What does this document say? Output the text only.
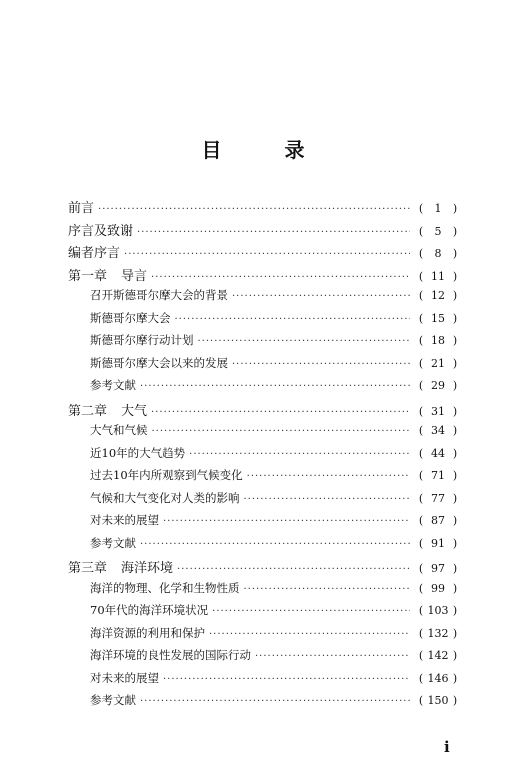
目 录
前言 ·····	( 1 )
序言及致谢 ·····	( 5 )
编者序言 ·····	( 8 )
第一章 导言 ·····	( 11 )
召开斯德哥尔摩大会的背景 ·····	( 12 )
斯德哥尔摩大会 ·····	( 15 )
斯德哥尔摩行动计划 ·····	( 18 )
斯德哥尔摩大会以来的发展 ·····	( 21 )
参考文献 ·····	( 29 )
第二章 大气 ·····	( 31 )
大气和气候 ·····	( 34 )
近10年的大气趋势 ·····	( 44 )
过去10年内所观察到气候变化 ·····	( 71 )
气候和大气变化对人类的影响 ·····	( 77 )
对未来的展望 ·····	( 87 )
参考文献 ·····	( 91 )
第三章 海洋环境 ·····	( 97 )
海洋的物理、化学和生物性质 ·····	( 99 )
70年代的海洋环境状况 ·····	( 103 )
海洋资源的利用和保护 ·····	( 132 )
海洋环境的良性发展的国际行动 ·····	( 142 )
对未来的展望 ·····	( 146 )
参考文献 ·····	( 150 )
i
